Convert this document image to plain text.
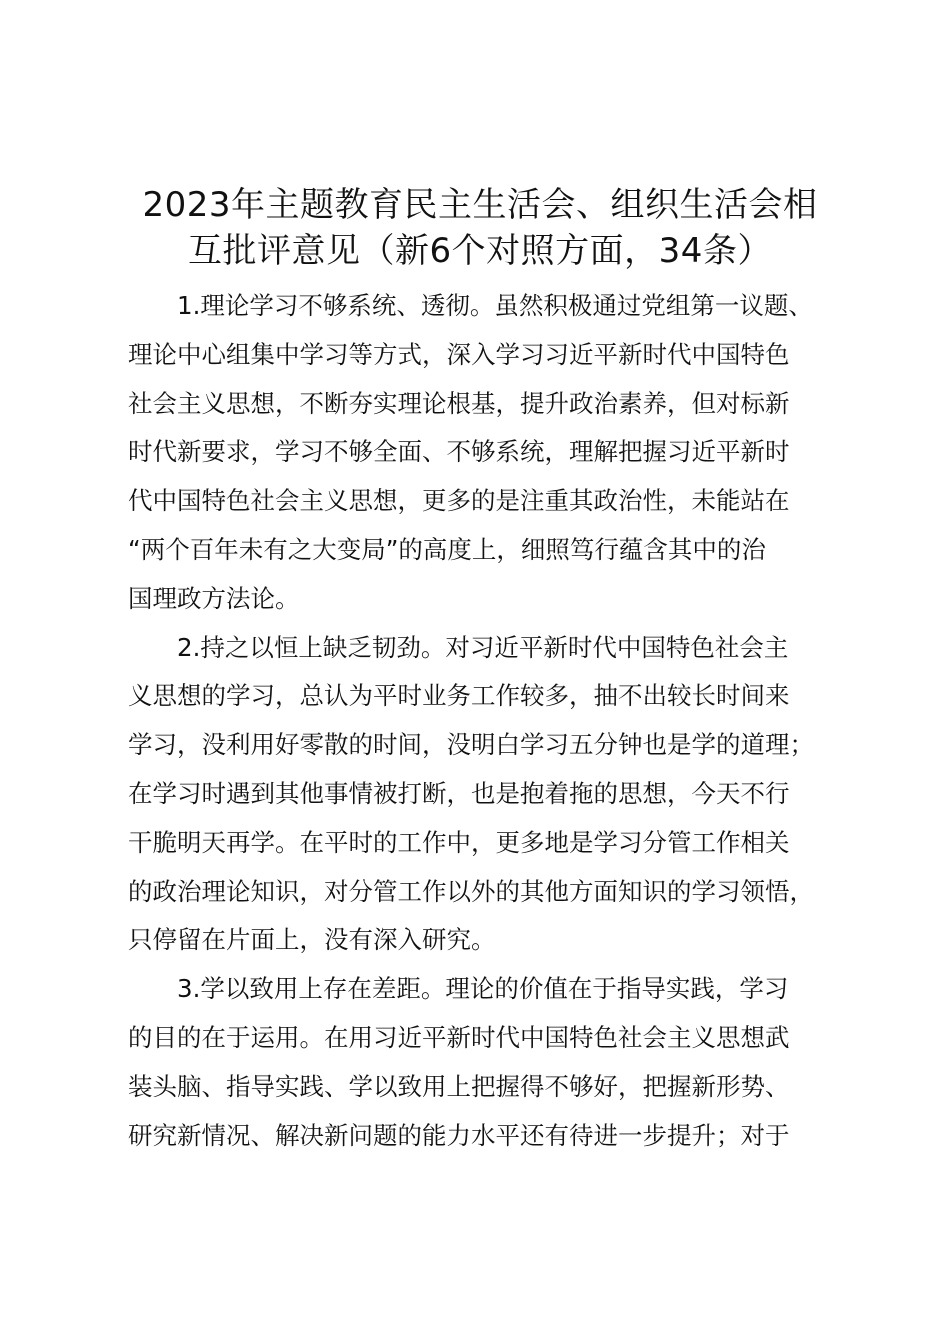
2023年主题教育民主生活会、组织生活会相
互批评意见（新6个对照方面，34条）
1.理论学习不够系统、透彻。虽然积极通过党组第一议题、
理论中心组集中学习等方式，深入学习习近平新时代中国特色
社会主义思想，不断夯实理论根基，提升政治素养，但对标新
时代新要求，学习不够全面、不够系统，理解把握习近平新时
代中国特色社会主义思想，更多的是注重其政治性，未能站在
“两个百年未有之大变局”的高度上，细照笃行蕴含其中的治
国理政方法论。
2.持之以恒上缺乏韧劲。对习近平新时代中国特色社会主
义思想的学习，总认为平时业务工作较多，抽不出较长时间来
学习，没利用好零散的时间，没明白学习五分钟也是学的道理；
在学习时遇到其他事情被打断，也是抱着拖的思想，今天不行
干脆明天再学。在平时的工作中，更多地是学习分管工作相关
的政治理论知识，对分管工作以外的其他方面知识的学习领悟，
只停留在片面上，没有深入研究。
3.学以致用上存在差距。理论的价值在于指导实践，学习
的目的在于运用。在用习近平新时代中国特色社会主义思想武
装头脑、指导实践、学以致用上把握得不够好，把握新形势、
研究新情况、解决新问题的能力水平还有待进一步提升；对于
